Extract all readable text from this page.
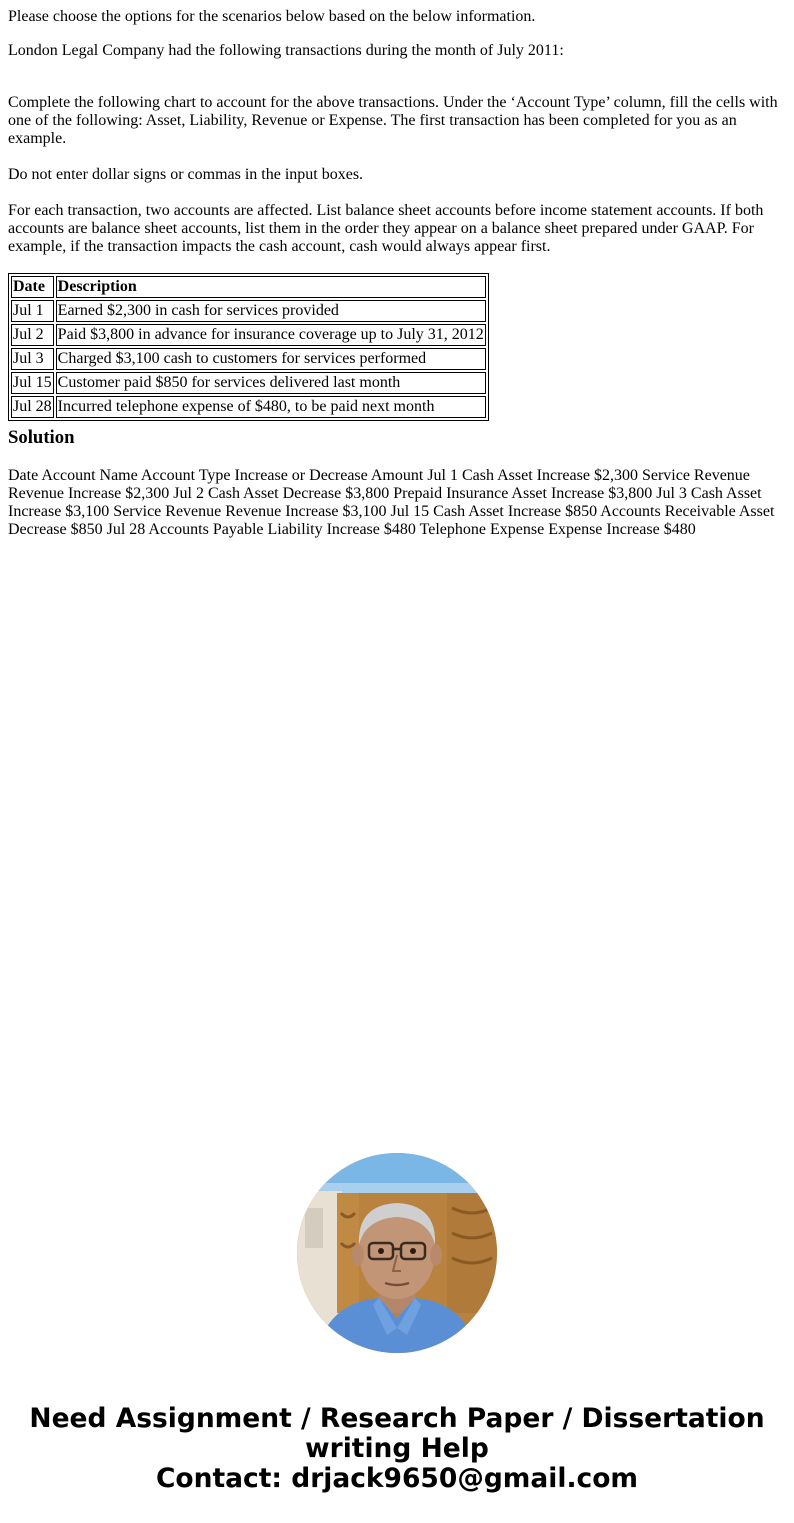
Please choose the options for the scenarios below based on the below information.

London Legal Company had the following transactions during the month of July 2011:

Complete the following chart to account for the above transactions. Under the ‘Account Type’ column, fill the cells with one of the following: Asset, Liability, Revenue or Expense. The first transaction has been completed for you as an example.

Do not enter dollar signs or commas in the input boxes.

For each transaction, two accounts are affected. List balance sheet accounts before income statement accounts. If both accounts are balance sheet accounts, list them in the order they appear on a balance sheet prepared under GAAP. For example, if the transaction impacts the cash account, cash would always appear first.

Date	Description
Jul 1	Earned $2,300 in cash for services provided
Jul 2	Paid $3,800 in advance for insurance coverage up to July 31, 2012
Jul 3	Charged $3,100 cash to customers for services performed
Jul 15	Customer paid $850 for services delivered last month
Jul 28	Incurred telephone expense of $480, to be paid next month
Solution

Date Account Name Account Type Increase or Decrease Amount Jul 1 Cash Asset Increase $2,300 Service Revenue Revenue Increase $2,300 Jul 2 Cash Asset Decrease $3,800 Prepaid Insurance Asset Increase $3,800 Jul 3 Cash Asset Increase $3,100 Service Revenue Revenue Increase $3,100 Jul 15 Cash Asset Increase $850 Accounts Receivable Asset Decrease $850 Jul 28 Accounts Payable Liability Increase $480 Telephone Expense Expense Increase $480

Need Assignment / Research Paper / Dissertation
writing Help
Contact: drjack9650@gmail.com
